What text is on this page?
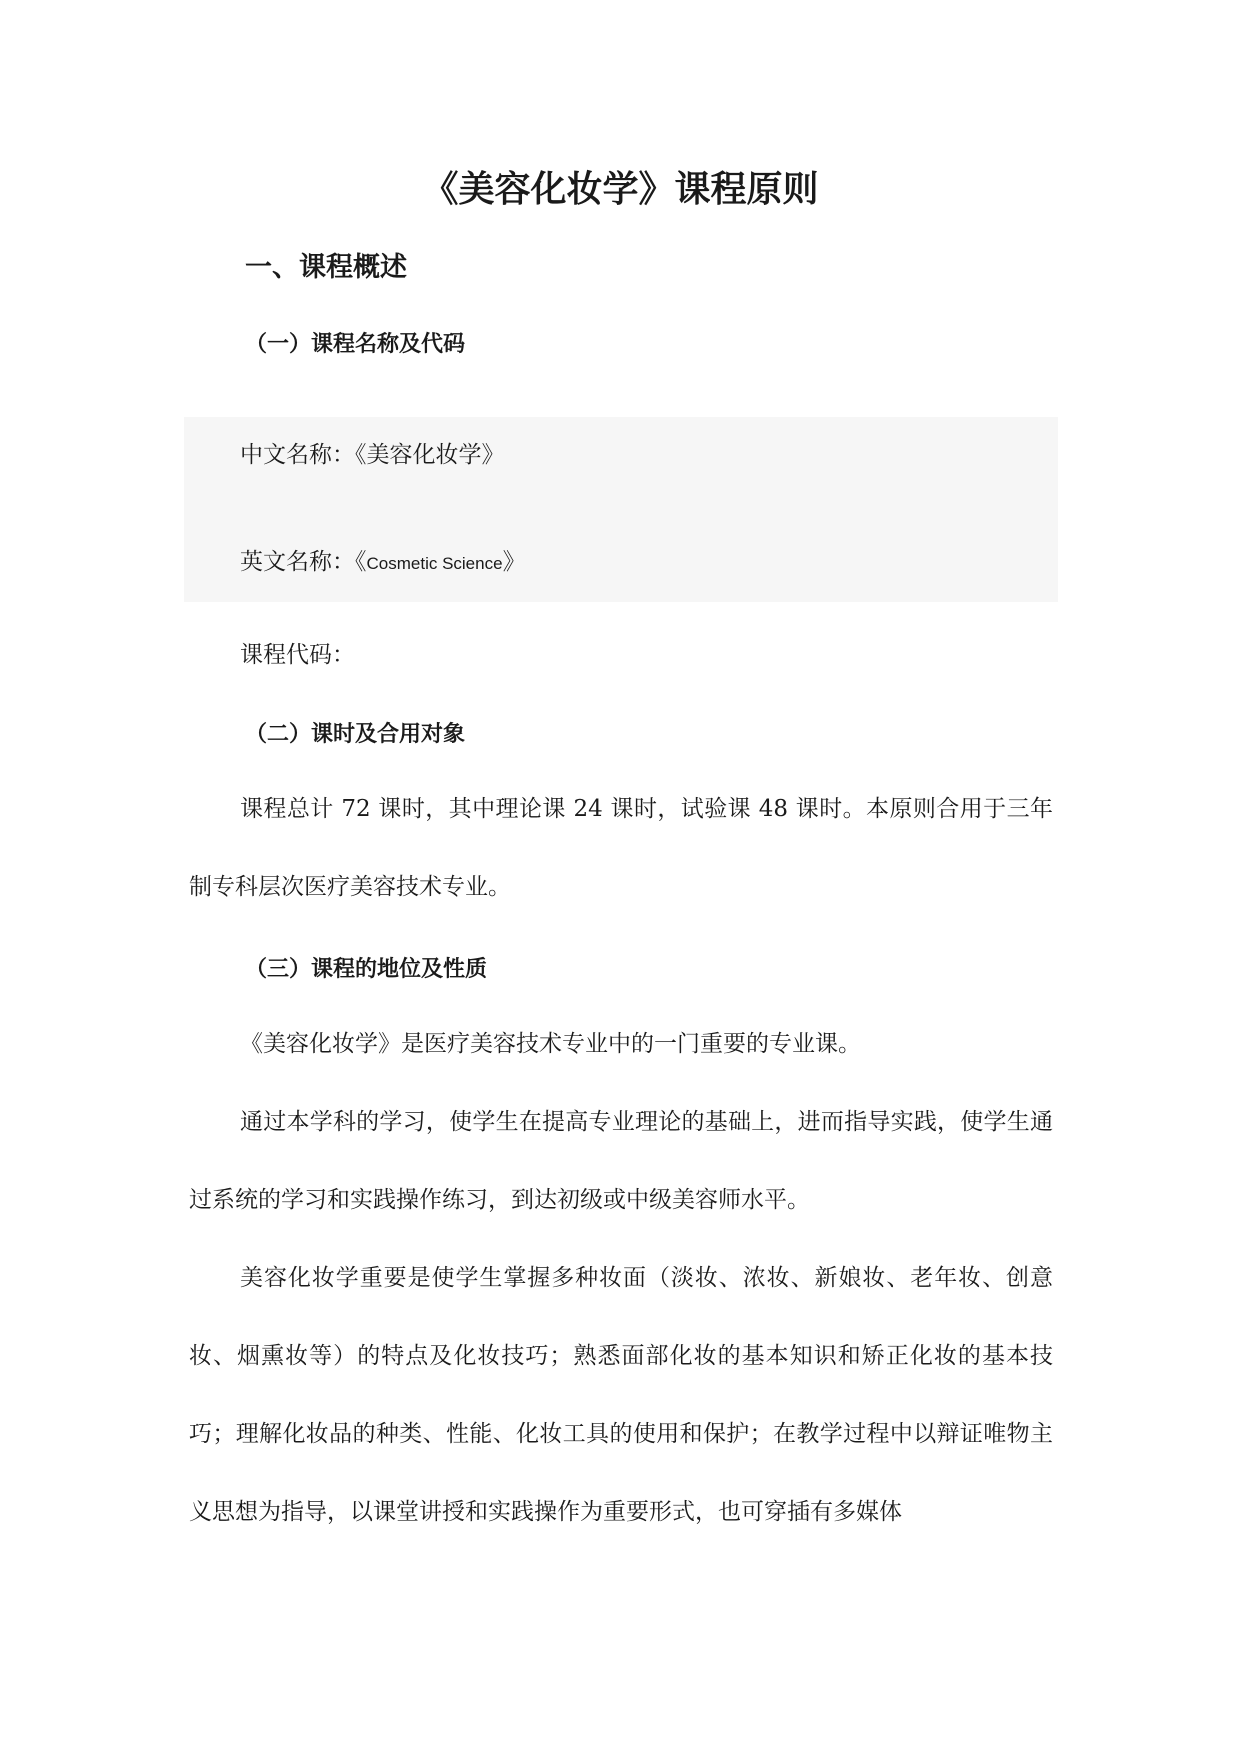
《美容化妆学》课程原则
一、课程概述
（一）课程名称及代码

中文名称：《美容化妆学》

英文名称：《Cosmetic Science》

课程代码：

（二）课时及合用对象

课程总计 72 课时，其中理论课 24 课时，试验课 48 课时。本原则合用于三年制专科层次医疗美容技术专业。

（三）课程的地位及性质

《美容化妆学》是医疗美容技术专业中的一门重要的专业课。

通过本学科的学习，使学生在提高专业理论的基础上，进而指导实践，使学生通过系统的学习和实践操作练习，到达初级或中级美容师水平。

美容化妆学重要是使学生掌握多种妆面（淡妆、浓妆、新娘妆、老年妆、创意妆、烟熏妆等）的特点及化妆技巧；熟悉面部化妆的基本知识和矫正化妆的基本技巧；理解化妆品的种类、性能、化妆工具的使用和保护；在教学过程中以辩证唯物主义思想为指导，以课堂讲授和实践操作为重要形式，也可穿插有多媒体
